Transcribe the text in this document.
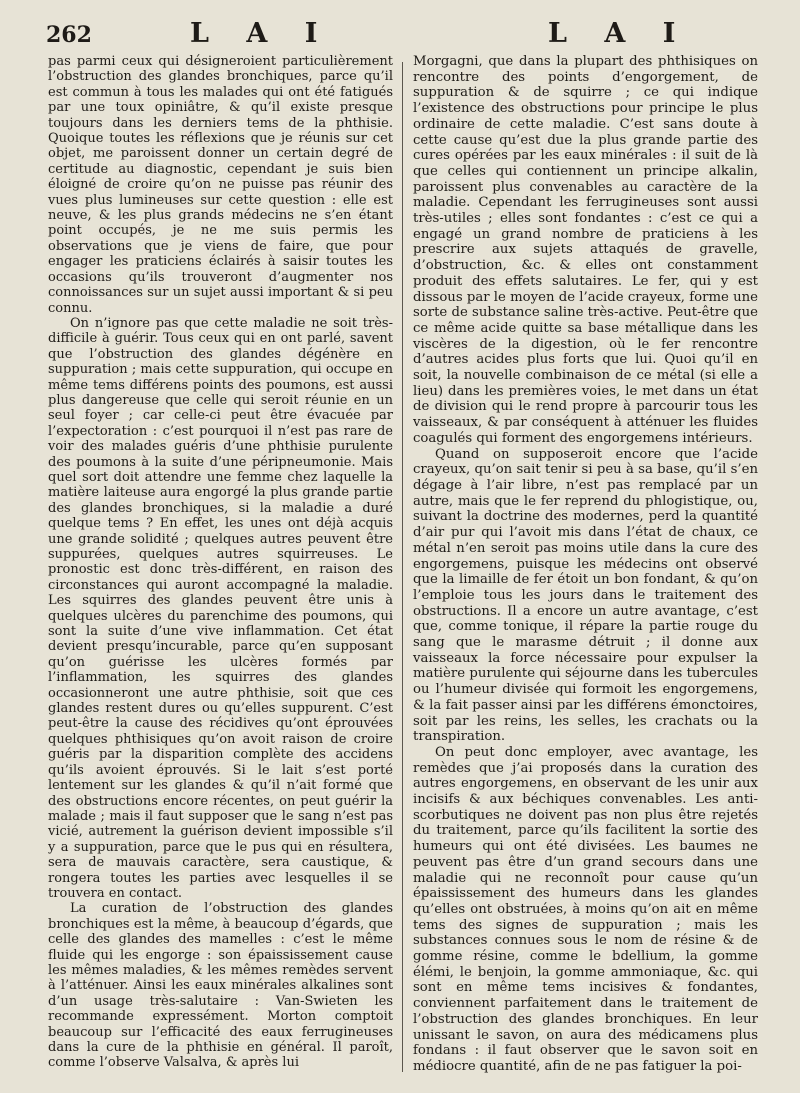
262	L A I	L A I

pas parmi ceux qui désigneroient particulièrement l’obstruction des glandes bronchiques, parce qu’il est commun à tous les malades qui ont été fatigués par une toux opiniâtre, & qu’il existe presque toujours dans les derniers tems de la phthisie. Quoique toutes les réflexions que je réunis sur cet objet, me paroissent donner un certain degré de certitude au diagnostic, cependant je suis bien éloigné de croire qu’on ne puisse pas réunir des vues plus lumineuses sur cette question : elle est neuve, & les plus grands médecins ne s’en étant point occupés, je ne me suis permis les observations que je viens de faire, que pour engager les praticiens éclairés à saisir toutes les occasions qu’ils trouveront d’augmenter nos connoissances sur un sujet aussi important & si peu connu.

On n’ignore pas que cette maladie ne soit très-difficile à guérir. Tous ceux qui en ont parlé, savent que l’obstruction des glandes dégénère en suppuration ; mais cette suppuration, qui occupe en même tems différens points des poumons, est aussi plus dangereuse que celle qui seroit réunie en un seul foyer ; car celle-ci peut être évacuée par l’expectoration : c’est pourquoi il n’est pas rare de voir des malades guéris d’une phthisie purulente des poumons à la suite d’une péripneumonie. Mais quel sort doit attendre une femme chez laquelle la matière laiteuse aura engorgé la plus grande partie des glandes bronchiques, si la maladie a duré quelque tems ? En effet, les unes ont déjà acquis une grande solidité ; quelques autres peuvent être suppurées, quelques autres squirreuses. Le pronostic est donc très-différent, en raison des circonstances qui auront accompagné la maladie. Les squirres des glandes peuvent être unis à quelques ulcères du parenchime des poumons, qui sont la suite d’une vive inflammation. Cet état devient presqu’incurable, parce qu’en supposant qu’on guérisse les ulcères formés par l’inflammation, les squirres des glandes occasionneront une autre phthisie, soit que ces glandes restent dures ou qu’elles suppurent. C’est peut-être la cause des récidives qu’ont éprouvées quelques phthisiques qu’on avoit raison de croire guéris par la disparition complète des accidens qu’ils avoient éprouvés. Si le lait s’est porté lentement sur les glandes & qu’il n’ait formé que des obstructions encore récentes, on peut guérir la malade ; mais il faut supposer que le sang n’est pas vicié, autrement la guérison devient impossible s’il y a suppuration, parce que le pus qui en résultera, sera de mauvais caractère, sera caustique, & rongera toutes les parties avec lesquelles il se trouvera en contact.

La curation de l’obstruction des glandes bronchiques est la même, à beaucoup d’égards, que celle des glandes des mamelles : c’est le même fluide qui les engorge : son épaississement cause les mêmes maladies, & les mêmes remèdes servent à l’atténuer. Ainsi les eaux minérales alkalines sont d’un usage très-salutaire : Van-Swieten les recommande expressément. Morton comptoit beaucoup sur l’efficacité des eaux ferrugineuses dans la cure de la phthisie en général. Il paroît, comme l’observe Valsalva, & après lui

Morgagni, que dans la plupart des phthisiques on rencontre des points d’engorgement, de suppuration & de squirre ; ce qui indique l’existence des obstructions pour principe le plus ordinaire de cette maladie. C’est sans doute à cette cause qu’est due la plus grande partie des cures opérées par les eaux minérales : il suit de là que celles qui contiennent un principe alkalin, paroissent plus convenables au caractère de la maladie. Cependant les ferrugineuses sont aussi très-utiles ; elles sont fondantes : c’est ce qui a engagé un grand nombre de praticiens à les prescrire aux sujets attaqués de gravelle, d’obstruction, &c. & elles ont constamment produit des effets salutaires. Le fer, qui y est dissous par le moyen de l’acide crayeux, forme une sorte de substance saline très-active. Peut-être que ce même acide quitte sa base métallique dans les viscères de la digestion, où le fer rencontre d’autres acides plus forts que lui. Quoi qu’il en soit, la nouvelle combinaison de ce métal (si elle a lieu) dans les premières voies, le met dans un état de division qui le rend propre à parcourir tous les vaisseaux, & par conséquent à atténuer les fluides coagulés qui forment des engorgemens intérieurs.

Quand on supposeroit encore que l’acide crayeux, qu’on sait tenir si peu à sa base, qu’il s’en dégage à l’air libre, n’est pas remplacé par un autre, mais que le fer reprend du phlogistique, ou, suivant la doctrine des modernes, perd la quantité d’air pur qui l’avoit mis dans l’état de chaux, ce métal n’en seroit pas moins utile dans la cure des engorgemens, puisque les médecins ont observé que la limaille de fer étoit un bon fondant, & qu’on l’emploie tous les jours dans le traitement des obstructions. Il a encore un autre avantage, c’est que, comme tonique, il répare la partie rouge du sang que le marasme détruit ; il donne aux vaisseaux la force nécessaire pour expulser la matière purulente qui séjourne dans les tubercules ou l’humeur divisée qui formoit les engorgemens, & la fait passer ainsi par les différens émonctoires, soit par les reins, les selles, les crachats ou la transpiration.

On peut donc employer, avec avantage, les remèdes que j’ai proposés dans la curation des autres engorgemens, en observant de les unir aux incisifs & aux béchiques convenables. Les anti-scorbutiques ne doivent pas non plus être rejetés du traitement, parce qu’ils facilitent la sortie des humeurs qui ont été divisées. Les baumes ne peuvent pas être d’un grand secours dans une maladie qui ne reconnoît pour cause qu’un épaississement des humeurs dans les glandes qu’elles ont obstruées, à moins qu’on ait en même tems des signes de suppuration ; mais les substances connues sous le nom de résine & de gomme résine, comme le bdellium, la gomme élémi, le benjoin, la gomme ammoniaque, &c. qui sont en même tems incisives & fondantes, conviennent parfaitement dans le traitement de l’obstruction des glandes bronchiques. En leur unissant le savon, on aura des médicamens plus fondans : il faut observer que le savon soit en médiocre quantité, afin de ne pas fatiguer la poi-
